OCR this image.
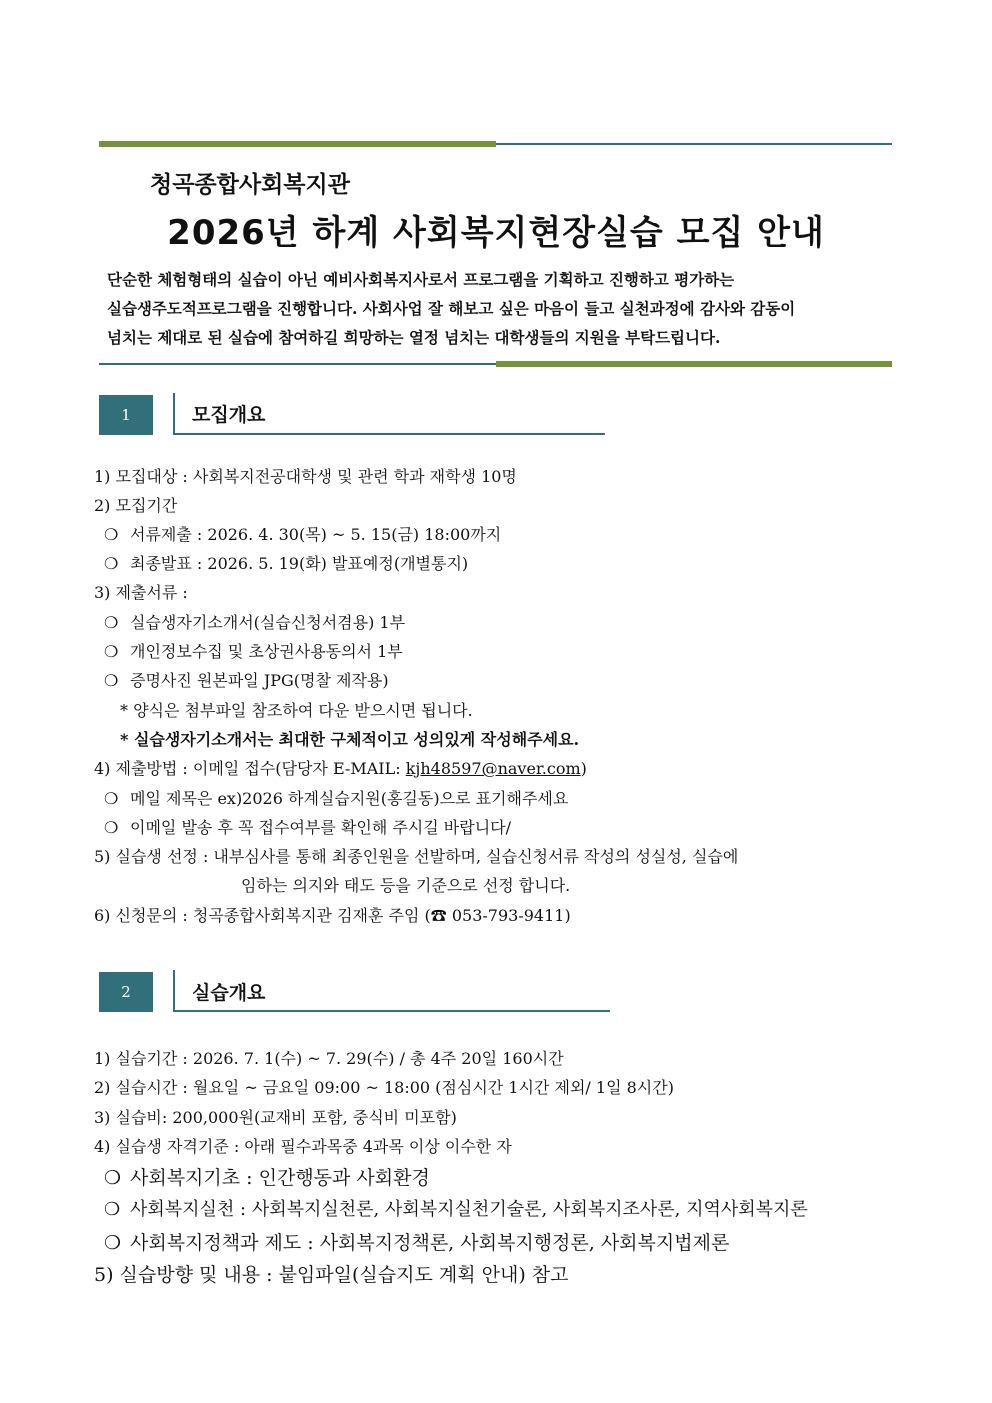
청곡종합사회복지관
2026년 하계 사회복지현장실습 모집 안내
단순한 체험형태의 실습이 아닌 예비사회복지사로서 프로그램을 기획하고 진행하고 평가하는
실습생주도적프로그램을 진행합니다. 사회사업 잘 해보고 싶은 마음이 들고 실천과정에 감사와 감동이
넘치는 제대로 된 실습에 참여하길 희망하는 열정 넘치는 대학생들의 지원을 부탁드립니다.
1	모집개요
1) 모집대상 : 사회복지전공대학생 및 관련 학과 재학생 10명
2) 모집기간
❍ 서류제출 : 2026. 4. 30(목) ~ 5. 15(금) 18:00까지
❍ 최종발표 : 2026. 5. 19(화) 발표예정(개별통지)
3) 제출서류 :
❍ 실습생자기소개서(실습신청서겸용) 1부
❍ 개인정보수집 및 초상권사용동의서 1부
❍ 증명사진 원본파일 JPG(명찰 제작용)
* 양식은 첨부파일 참조하여 다운 받으시면 됩니다.
* 실습생자기소개서는 최대한 구체적이고 성의있게 작성해주세요.
4) 제출방법 : 이메일 접수(담당자 E-MAIL: kjh48597@naver.com)
❍ 메일 제목은 ex)2026 하계실습지원(홍길동)으로 표기해주세요
❍ 이메일 발송 후 꼭 접수여부를 확인해 주시길 바랍니다/
5) 실습생 선정 : 내부심사를 통해 최종인원을 선발하며, 실습신청서류 작성의 성실성, 실습에
임하는 의지와 태도 등을 기준으로 선정 합니다.
6) 신청문의 : 청곡종합사회복지관 김재훈 주임 (☎ 053-793-9411)
2	실습개요
1) 실습기간 : 2026. 7. 1(수) ~ 7. 29(수) / 총 4주 20일 160시간
2) 실습시간 : 월요일 ~ 금요일 09:00 ~ 18:00 (점심시간 1시간 제외/ 1일 8시간)
3) 실습비: 200,000원(교재비 포함, 중식비 미포함)
4) 실습생 자격기준 : 아래 필수과목중 4과목 이상 이수한 자
❍ 사회복지기초 : 인간행동과 사회환경
❍ 사회복지실천 : 사회복지실천론, 사회복지실천기술론, 사회복지조사론, 지역사회복지론
❍ 사회복지정책과 제도 : 사회복지정책론, 사회복지행정론, 사회복지법제론
5) 실습방향 및 내용 : 붙임파일(실습지도 계획 안내) 참고
